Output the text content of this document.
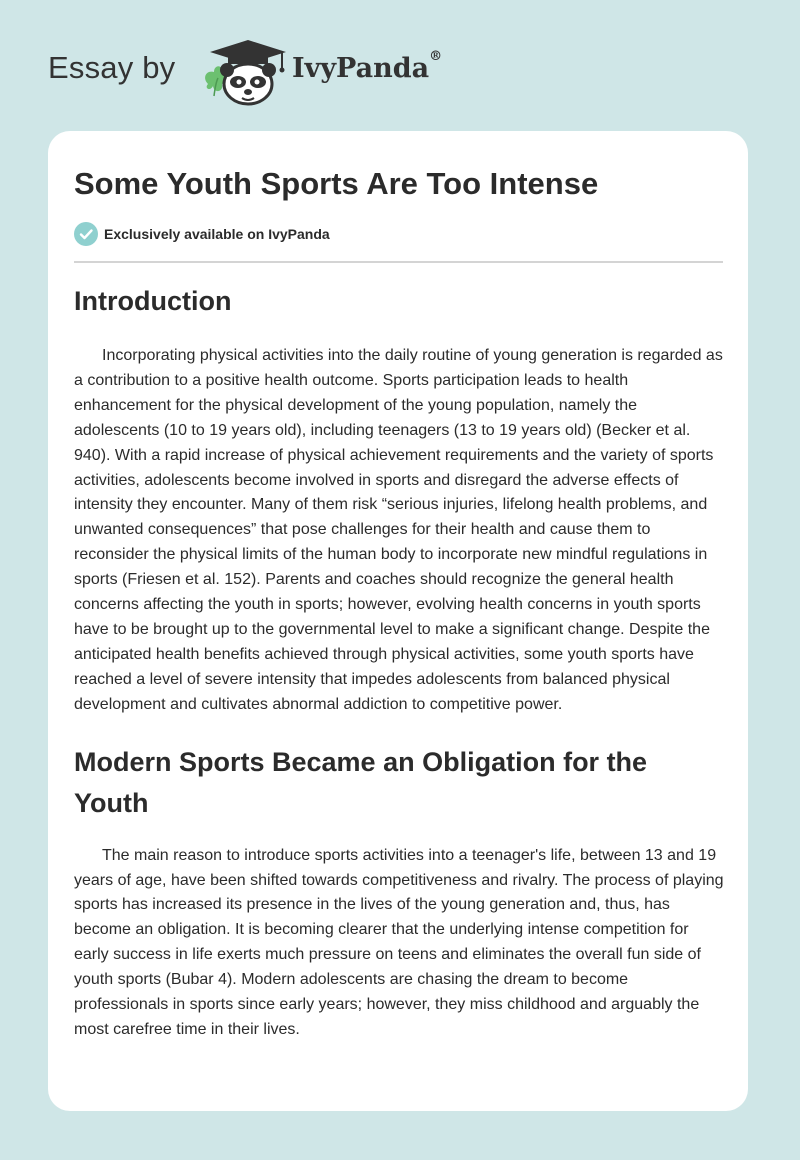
Essay by	IvyPanda®
Some Youth Sports Are Too Intense
Exclusively available on IvyPanda
Introduction

Incorporating physical activities into the daily routine of young generation is regarded as a contribution to a positive health outcome. Sports participation leads to health enhancement for the physical development of the young population, namely the adolescents (10 to 19 years old), including teenagers (13 to 19 years old) (Becker et al. 940). With a rapid increase of physical achievement requirements and the variety of sports activities, adolescents become involved in sports and disregard the adverse effects of intensity they encounter. Many of them risk “serious injuries, lifelong health problems, and unwanted consequences” that pose challenges for their health and cause them to reconsider the physical limits of the human body to incorporate new mindful regulations in sports (Friesen et al. 152). Parents and coaches should recognize the general health concerns affecting the youth in sports; however, evolving health concerns in youth sports have to be brought up to the governmental level to make a significant change. Despite the anticipated health benefits achieved through physical activities, some youth sports have reached a level of severe intensity that impedes adolescents from balanced physical development and cultivates abnormal addiction to competitive power.

Modern Sports Became an Obligation for the Youth

The main reason to introduce sports activities into a teenager's life, between 13 and 19 years of age, have been shifted towards competitiveness and rivalry. The process of playing sports has increased its presence in the lives of the young generation and, thus, has become an obligation. It is becoming clearer that the underlying intense competition for early success in life exerts much pressure on teens and eliminates the overall fun side of youth sports (Bubar 4). Modern adolescents are chasing the dream to become professionals in sports since early years; however, they miss childhood and arguably the most carefree time in their lives.
